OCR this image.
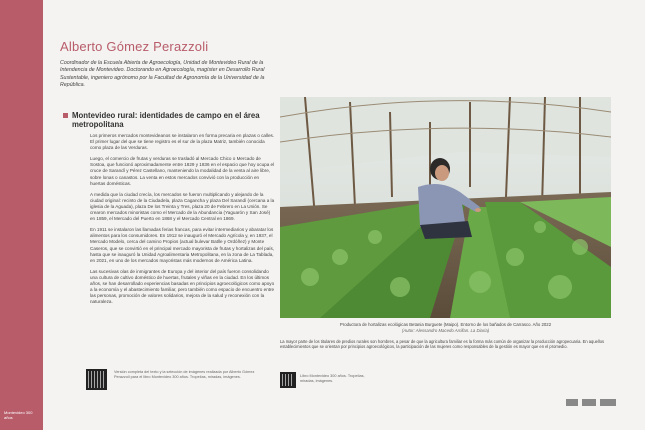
Montevideo 300 años
Alberto Gómez Perazzoli
Coordinador de la Escuela Abierta de Agroecología, Unidad de Montevideo Rural de la Intendencia de Montevideo. Doctorando en Agroecología, magíster en Desarrollo Rural Sustentable, ingeniero agrónomo por la Facultad de Agronomía de la Universidad de la República.
Montevideo rural: identidades de campo en el área metropolitana

Los primeros mercados montevideanos se instalaron en forma precaria en plazas o calles. El primer lugar del que se tiene registro es el sur de la plaza Matriz, también conocida como plaza de las Verduras.

Luego, el comercio de frutas y verduras se trasladó al Mercado Chico o Mercado de Sostoa, que funcionó aproximadamente entre 1829 y 1836 en el espacio que hoy ocupa el cruce de Sarandí y Pérez Castellano, manteniendo la modalidad de la venta al aire libre, sobre lonas o canastos. La venta en estos mercados convivió con la producción en huertas domésticas.

A medida que la ciudad crecía, los mercados se fueron multiplicando y alejando de la ciudad original: recinto de la Ciudadela, plaza Cagancha y plaza Del Sarandí (cercana a la iglesia de la Aguada), plaza De los Treinta y Tres, plaza 20 de Febrero en La Unión. Se crearon mercados minoristas como el Mercado de la Abundancia (Yaguarón y San José) en 1859, el Mercado del Puerto en 1868 y el Mercado Central en 1869.

En 1911 se instalaron las llamadas ferias francas, para evitar intermediarios y abaratar los alimentos para los consumidores. En 1912 se inauguró el Mercado Agrícola y, en 1937, el Mercado Modelo, cerca del camino Propios (actual bulevar Batlle y Ordóñez) y Monte Caseros, que se convirtió en el principal mercado mayorista de frutas y hortalizas del país, hasta que se inauguró la Unidad Agroalimentaria Metropolitana, en la zona de La Tablada, en 2021, en uno de los mercados mayoristas más modernos de América Latina.

Las sucesivas olas de inmigrantes de Europa y del interior del país fueron consolidando una cultura de cultivo doméstico de huertas, frutales y viñas en la ciudad. En los últimos años, se han desarrollado experiencias basadas en principios agroecológicos como apoyo a la economía y el abastecimiento familiar, pero también como espacio de encuentro entre las personas, promoción de valores solidarios, mejora de la salud y reconexión con la naturaleza.

Versión completa del texto y la selección de imágenes realizada por Alberto Gómez Perazzoli para el libro Montevideo 300 años. Tropelías, miradas, imágenes.	Libro Montevideo 300 años. Tropelías, miradas, imágenes.
Productora de hortalizas ecológicas Betania Burguete (Maipo). Entorno de los bañados de Carrasco. Año 2022
(Autor: Alessandro Macedo Arrillan. La Diaria)
La mayor parte de los titulares de predios rurales son hombres, a pesar de que la agricultura familiar es la forma más común de organizar la producción agropecuaria. En aquellos establecimientos que se orientan por principios agroecológicos, la participación de las mujeres como responsables de la gestión es mayor que en el promedio.
